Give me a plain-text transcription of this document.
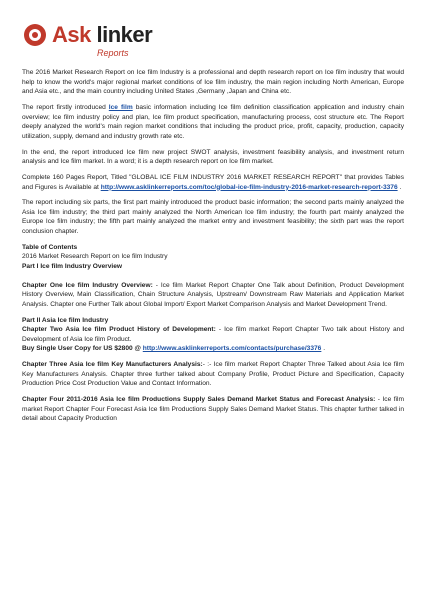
Ask linker
Reports

The 2016 Market Research Report on Ice film Industry is a professional and depth research report on Ice film industry that would help to know the world's major regional market conditions of Ice film industry, the main region including North American, Europe and Asia etc., and the main country including United States ,Germany ,Japan and China etc.

The report firstly introduced Ice film basic information including Ice film definition classification application and industry chain overview; Ice film industry policy and plan, Ice film product specification, manufacturing process, cost structure etc. The Report deeply analyzed the world's main region market conditions that including the product price, profit, capacity, production, capacity utilization, supply, demand and industry growth rate etc.

In the end, the report introduced Ice film new project SWOT analysis, investment feasibility analysis, and investment return analysis and Ice film market. In a word; it is a depth research report on Ice film market.

Complete 160 Pages Report, Titled "GLOBAL ICE FILM INDUSTRY 2016 MARKET RESEARCH REPORT" that provides Tables and Figures is Available at http://www.asklinkerreports.com/toc/global-ice-film-industry-2016-market-research-report-3376 .

The report including six parts, the first part mainly introduced the product basic information; the second parts mainly analyzed the Asia Ice film industry; the third part mainly analyzed the North American Ice film industry; the fourth part mainly analyzed the Europe Ice film industry; the fifth part mainly analyzed the market entry and investment feasibility; the sixth part was the report conclusion chapter.

Table of Contents
2016 Market Research Report on Ice film Industry
Part I Ice film Industry Overview

Chapter One Ice film Industry Overview: - Ice film Market Report Chapter One Talk about Definition, Product Development History Overview, Main Classification, Chain Structure Analysis, Upstream/ Downstream Raw Materials and Application Market Analysis. Chapter one Further Talk about Global Import/ Export Market Comparison Analysis and Market Development Trend.

Part II Asia Ice film Industry
Chapter Two Asia Ice film Product History of Development: - Ice film market Report Chapter Two talk about History and Development of Asia Ice film Product.

Buy Single User Copy for US $2800 @ http://www.asklinkerreports.com/contacts/purchase/3376 .

Chapter Three Asia Ice film Key Manufacturers Analysis:- :- Ice film market Report Chapter Three Talked about Asia Ice film Key Manufacturers Analysis. Chapter three further talked about Company Profile, Product Picture and Specification, Capacity Production Price Cost Production Value and Contact Information.

Chapter Four 2011-2016 Asia Ice film Productions Supply Sales Demand Market Status and Forecast Analysis: - Ice film market Report Chapter Four Forecast Asia Ice film Productions Supply Sales Demand Market Status. This chapter further talked in detail about Capacity Production
